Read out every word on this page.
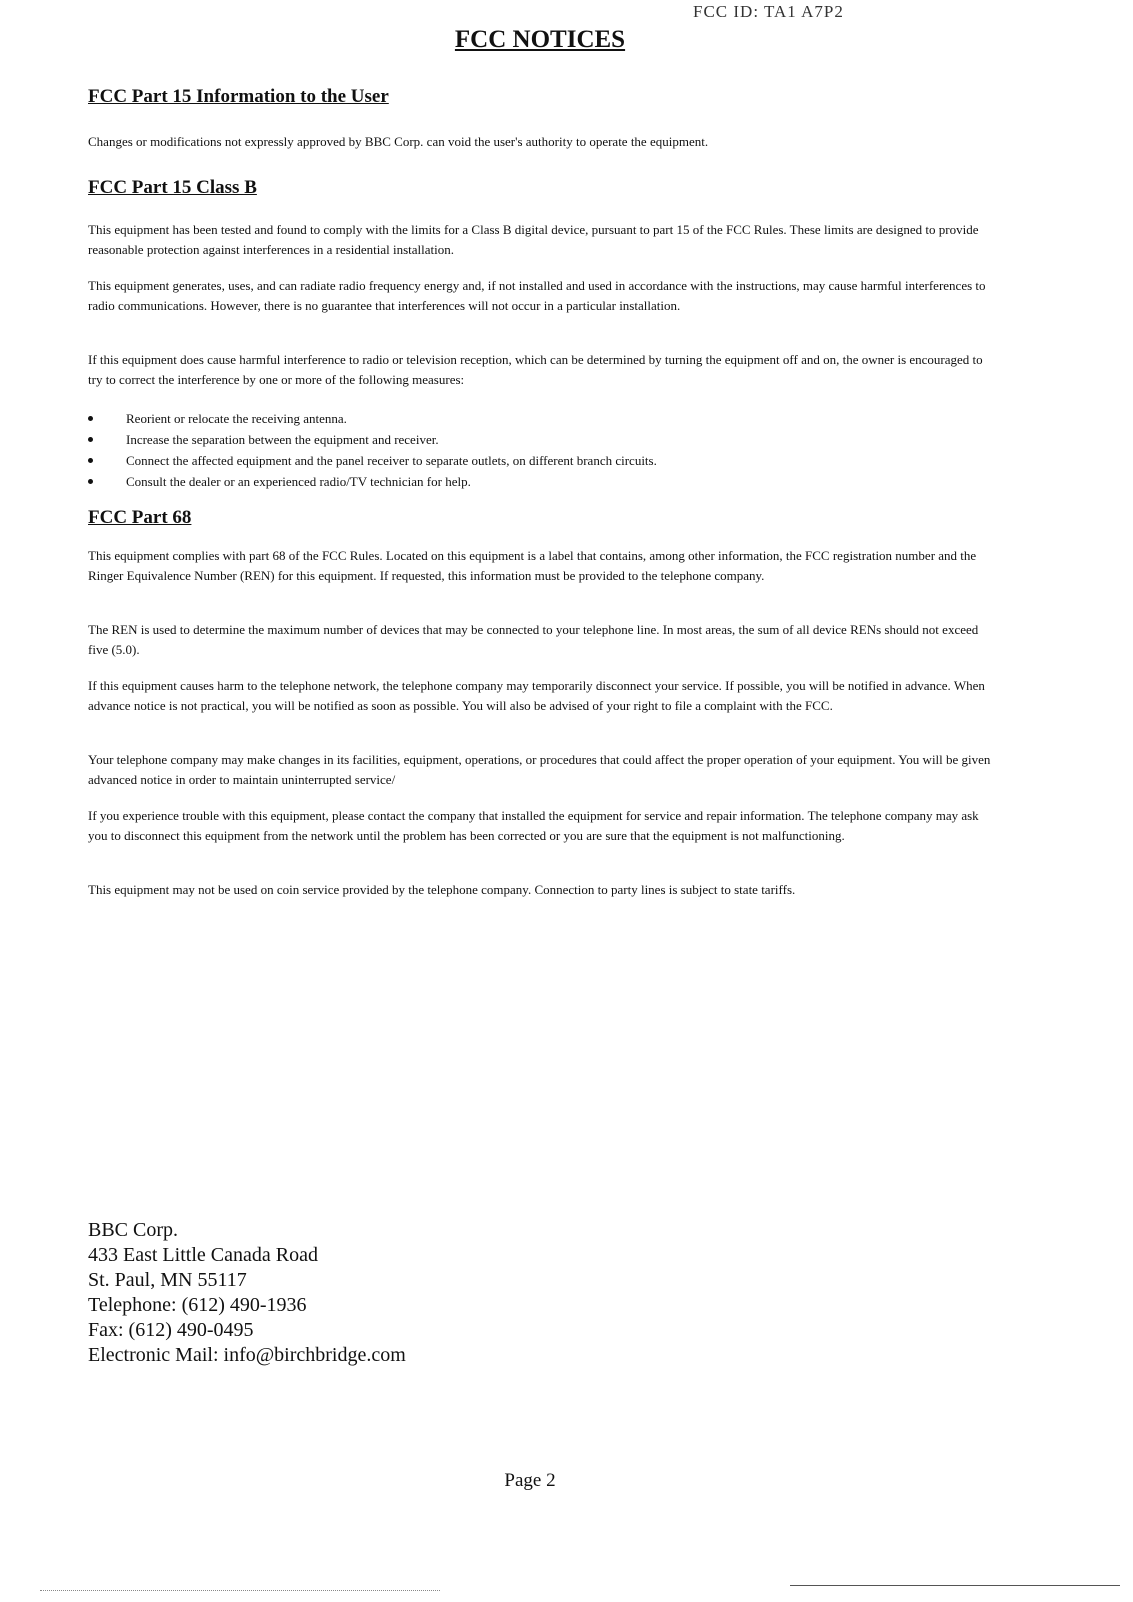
FCC ID: TA1 A7P2
FCC NOTICES
FCC Part 15 Information to the User
Changes or modifications not expressly approved by BBC Corp. can void the user's authority to operate the equipment.
FCC Part 15 Class B
This equipment has been tested and found to comply with the limits for a Class B digital device, pursuant to part 15 of the FCC Rules. These limits are designed to provide reasonable protection against interferences in a residential installation.
This equipment generates, uses, and can radiate radio frequency energy and, if not installed and used in accordance with the instructions, may cause harmful interferences to radio communications. However, there is no guarantee that interferences will not occur in a particular installation.
If this equipment does cause harmful interference to radio or television reception, which can be determined by turning the equipment off and on, the owner is encouraged to try to correct the interference by one or more of the following measures:
Reorient or relocate the receiving antenna.
Increase the separation between the equipment and receiver.
Connect the affected equipment and the panel receiver to separate outlets, on different branch circuits.
Consult the dealer or an experienced radio/TV technician for help.
FCC Part 68
This equipment complies with part 68 of the FCC Rules. Located on this equipment is a label that contains, among other information, the FCC registration number and the Ringer Equivalence Number (REN) for this equipment. If requested, this information must be provided to the telephone company.
The REN is used to determine the maximum number of devices that may be connected to your telephone line. In most areas, the sum of all device RENs should not exceed five (5.0).
If this equipment causes harm to the telephone network, the telephone company may temporarily disconnect your service. If possible, you will be notified in advance. When advance notice is not practical, you will be notified as soon as possible. You will also be advised of your right to file a complaint with the FCC.
Your telephone company may make changes in its facilities, equipment, operations, or procedures that could affect the proper operation of your equipment. You will be given advanced notice in order to maintain uninterrupted service/
If you experience trouble with this equipment, please contact the company that installed the equipment for service and repair information. The telephone company may ask you to disconnect this equipment from the network until the problem has been corrected or you are sure that the equipment is not malfunctioning.
This equipment may not be used on coin service provided by the telephone company. Connection to party lines is subject to state tariffs.
BBC Corp.
433 East Little Canada Road
St. Paul, MN 55117
Telephone: (612) 490-1936
Fax: (612) 490-0495
Electronic Mail: info@birchbridge.com
Page 2
